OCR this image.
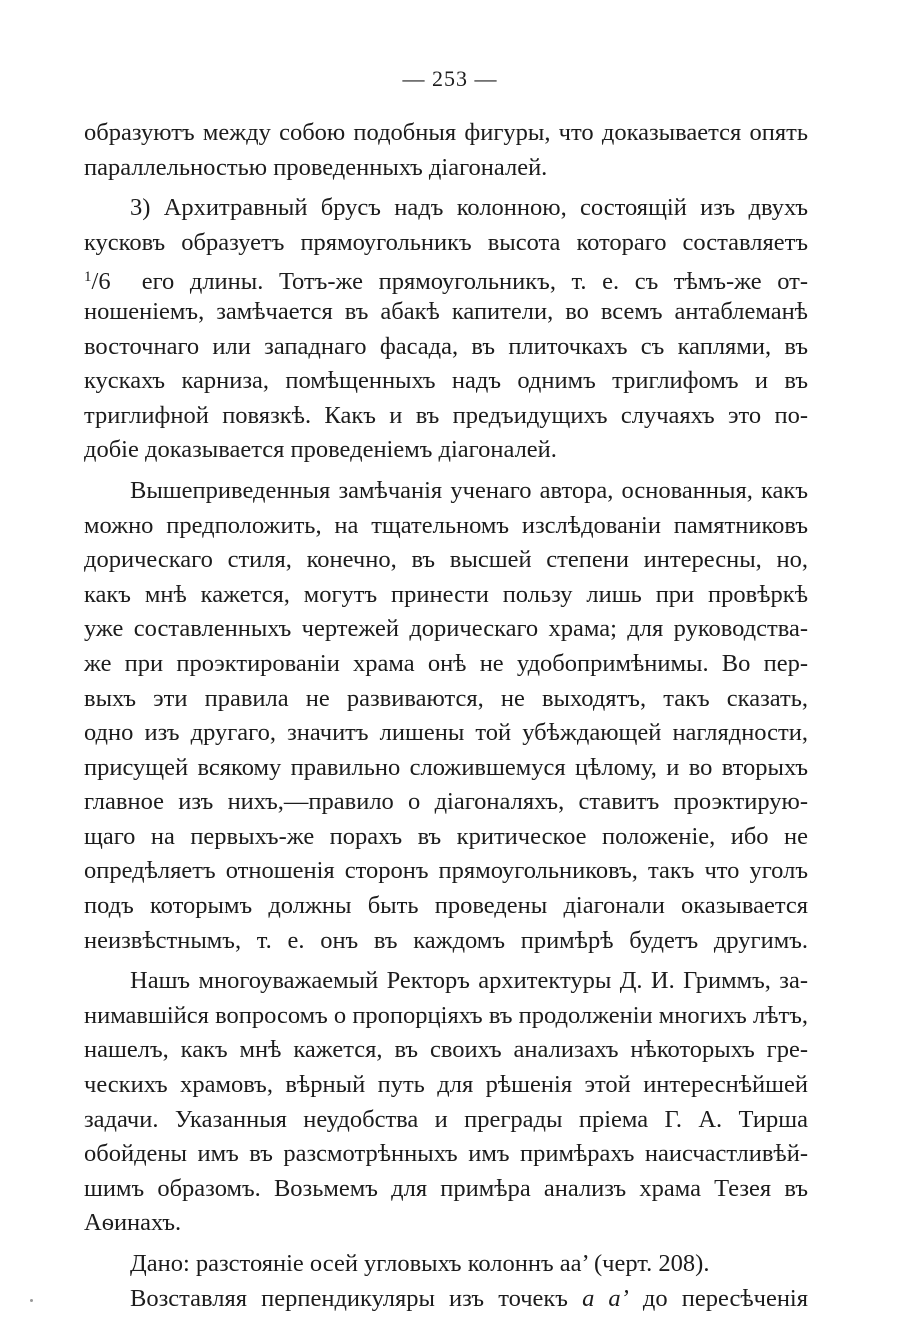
— 253 —
образуютъ между собою подобныя фигуры, что доказывается опять
параллельностью проведенныхъ діагоналей.
3) Архитравный брусъ надъ колонною, состоящій изъ двухъ
кусковъ образуетъ прямоугольникъ высота котораго составляетъ
$^1$/6 его длины. Тотъ-же прямоугольникъ, т. е. съ тѣмъ-же от-
ношеніемъ, замѣчается въ абакѣ капители, во всемъ антаблеманѣ
восточнаго или западнаго фасада, въ плиточкахъ съ каплями, въ
кускахъ карниза, помѣщенныхъ надъ однимъ триглифомъ и въ
триглифной повязкѣ. Какъ и въ предъидущихъ случаяхъ это по-
добіе доказывается проведеніемъ діагоналей.
Вышеприведенныя замѣчанія ученаго автора, основанныя, какъ
можно предположить, на тщательномъ изслѣдованіи памятниковъ
дорическаго стиля, конечно, въ высшей степени интересны, но,
какъ мнѣ кажется, могутъ принести пользу лишь при провѣркѣ
уже составленныхъ чертежей дорическаго храма; для руководства-
же при проэктированіи храма онѣ не удобопримѣнимы. Во пер-
выхъ эти правила не развиваются, не выходятъ, такъ сказать,
одно изъ другаго, значитъ лишены той убѣждающей наглядности,
присущей всякому правильно сложившемуся цѣлому, и во вторыхъ
главное изъ нихъ,—правило о діагоналяхъ, ставитъ проэктирую-
щаго на первыхъ-же порахъ въ критическое положеніе, ибо не
опредѣляетъ отношенія сторонъ прямоугольниковъ, такъ что уголъ
подъ которымъ должны быть проведены діагонали оказывается
неизвѣстнымъ, т. е. онъ въ каждомъ примѣрѣ будетъ другимъ.
Нашъ многоуважаемый Ректоръ архитектуры Д. И. Гриммъ, за-
нимавшійся вопросомъ о пропорціяхъ въ продолженіи многихъ лѣтъ,
нашелъ, какъ мнѣ кажется, въ своихъ анализахъ нѣкоторыхъ гре-
ческихъ храмовъ, вѣрный путь для рѣшенія этой интереснѣйшей
задачи. Указанныя неудобства и преграды пріема Г. А. Тирша
обойдены имъ въ разсмотрѣнныхъ имъ примѣрахъ наисчастливѣй-
шимъ образомъ. Возьмемъ для примѣра анализъ храма Тезея въ
Аѳинахъ.
Дано: разстояніе осей угловыхъ колоннъ аа’ (черт. 208).
Возставляя перпендикуляры изъ точекъ a a’ до пересѣченія
